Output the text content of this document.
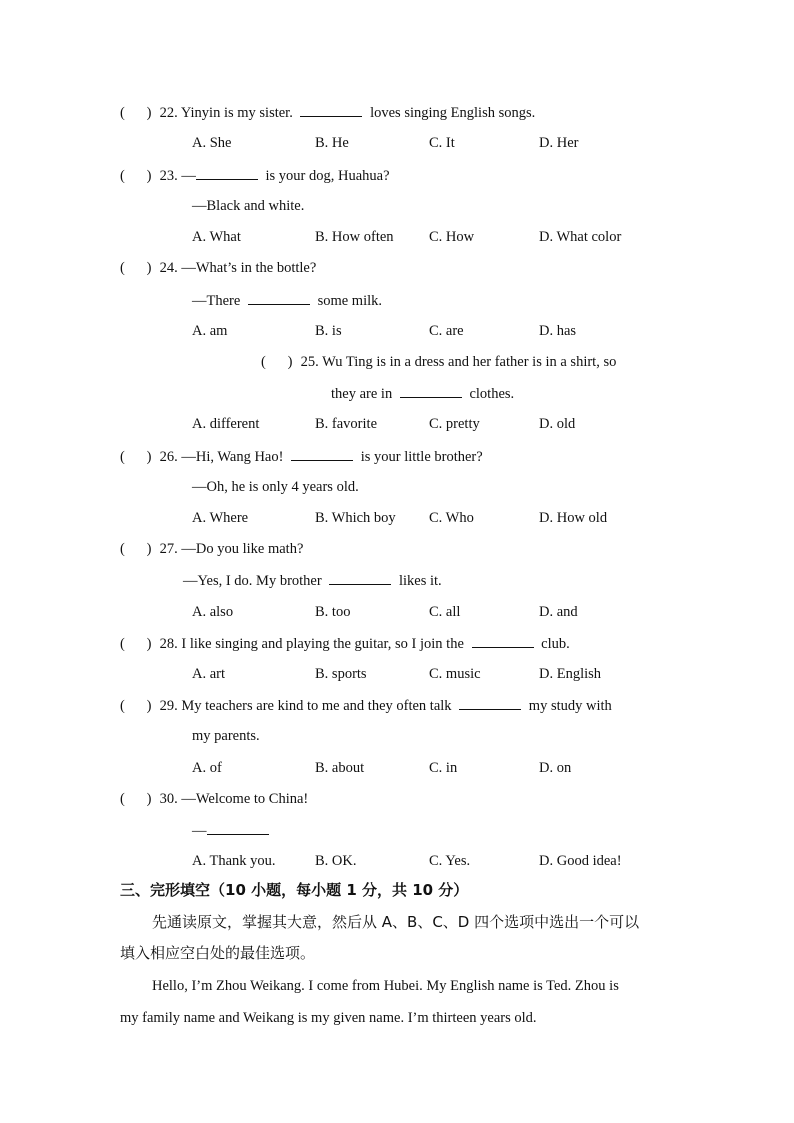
( ) 22. Yinyin is my sister.	loves singing English songs.
A. She	B. He	C. It	D. Her
( ) 23. —	is your dog, Huahua?
—Black and white.
A. What	B. How often C. How	D. What color
( ) 24. —What’s in the bottle?
—There	some milk.
A. am	B. is	C. are	D. has
( ) 25. Wu Ting is in a dress and her father is in a shirt, so
they are in	clothes.
A. different	B. favorite	C. pretty	D. old
( ) 26. —Hi, Wang Hao!	is your little brother?
—Oh, he is only 4 years old.
A. Where	B. Which boy C. Who	D. How old
( ) 27. —Do you like math?
—Yes, I do. My brother	likes it.
A. also	B. too	C. all	D. and
( ) 28. I like singing and playing the guitar, so I join the	club.
A. art	B. sports	C. music	D. English
( ) 29. My teachers are kind to me and they often talk	my study with
my parents.
A. of	B. about	C. in	D. on
( ) 30. —Welcome to China!
—
A. Thank you.	B. OK.	C. Yes.	D. Good idea!
三、完形填空（10 小题，每小题 1 分，共 10 分）
先通读原文，掌握其大意，然后从 A、B、C、D 四个选项中选出一个可以
填入相应空白处的最佳选项。
Hello, I’m Zhou Weikang. I come from Hubei. My English name is Ted. Zhou is
my family name and Weikang is my given name. I’m thirteen years old.
